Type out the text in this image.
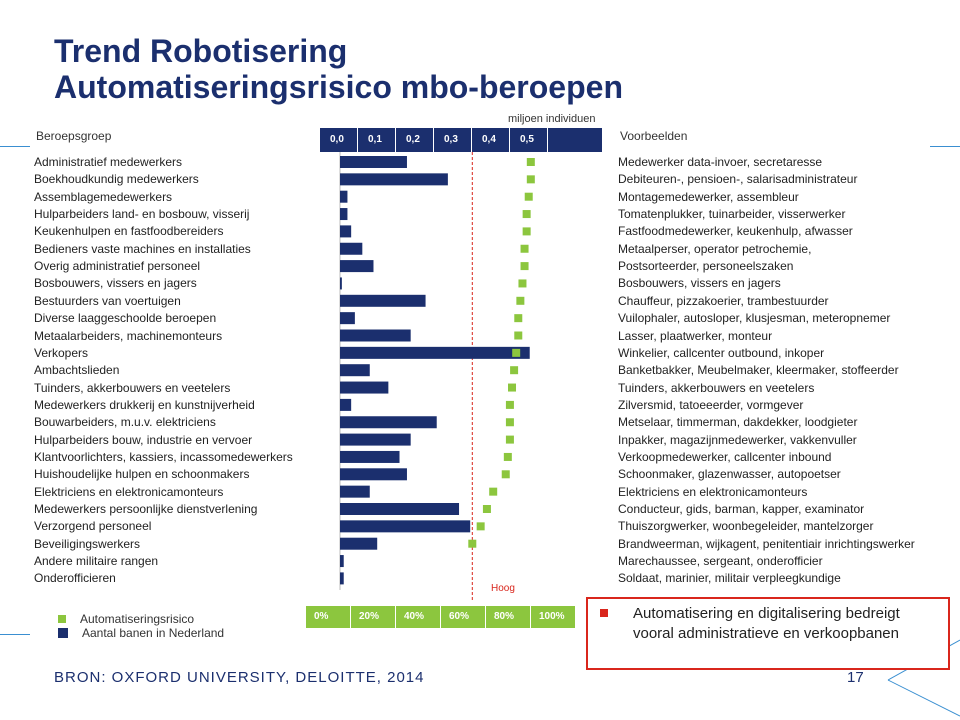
Trend Robotisering
Automatiseringsrisico mbo-beroepen
Beroepsgroep	Voorbeelden
miljoen individuen
0,0	0,1	0,2	0,3	0,4	0,5
Administratief medewerkers	Medewerker data-invoer, secretaresse
Boekhoudkundig medewerkers	Debiteuren-, pensioen-, salarisadministrateur
Assemblagemedewerkers	Montagemedewerker, assembleur
Hulparbeiders land- en bosbouw, visserij	Tomatenplukker, tuinarbeider, visserwerker
Keukenhulpen en fastfoodbereiders	Fastfoodmedewerker, keukenhulp, afwasser
Bedieners vaste machines en installaties	Metaalperser, operator petrochemie,
Overig administratief personeel	Postsorteerder, personeelszaken
Bosbouwers, vissers en jagers	Bosbouwers, vissers en jagers
Bestuurders van voertuigen	Chauffeur, pizzakoerier, trambestuurder
Diverse laaggeschoolde beroepen	Vuilophaler, autosloper, klusjesman, meteropnemer
Metaalarbeiders, machinemonteurs	Lasser, plaatwerker, monteur
Verkopers	Winkelier, callcenter outbound, inkoper
Ambachtslieden	Banketbakker, Meubelmaker, kleermaker, stoffeerder
Tuinders, akkerbouwers en veetelers	Tuinders, akkerbouwers en veetelers
Medewerkers drukkerij en kunstnijverheid	Zilversmid, tatoeeerder, vormgever
Bouwarbeiders, m.u.v. elektriciens	Metselaar, timmerman, dakdekker, loodgieter
Hulparbeiders bouw, industrie en vervoer	Inpakker, magazijnmedewerker, vakkenvuller
Klantvoorlichters, kassiers, incassomedewerkers	Verkoopmedewerker, callcenter inbound
Huishoudelijke hulpen en schoonmakers	Schoonmaker, glazenwasser, autopoetser
Elektriciens en elektronicamonteurs	Elektriciens en elektronicamonteurs
Medewerkers persoonlijke dienstverlening	Conducteur, gids, barman, kapper, examinator
Verzorgend personeel	Thuiszorgwerker, woonbegeleider, mantelzorger
Beveiligingswerkers	Brandweerman, wijkagent, penitentiair inrichtingswerker
Andere militaire rangen	Marechaussee, sergeant, onderofficier
Onderofficieren	Soldaat, marinier, militair verpleegkundige
Hoog
0%	20%	40%	60%	80%	100%
Automatiseringsrisico
Aantal banen in Nederland
Automatisering en digitalisering bedreigt vooral administratieve en verkoopbanen
BRON: OXFORD UNIVERSITY, DELOITTE, 2014	17
